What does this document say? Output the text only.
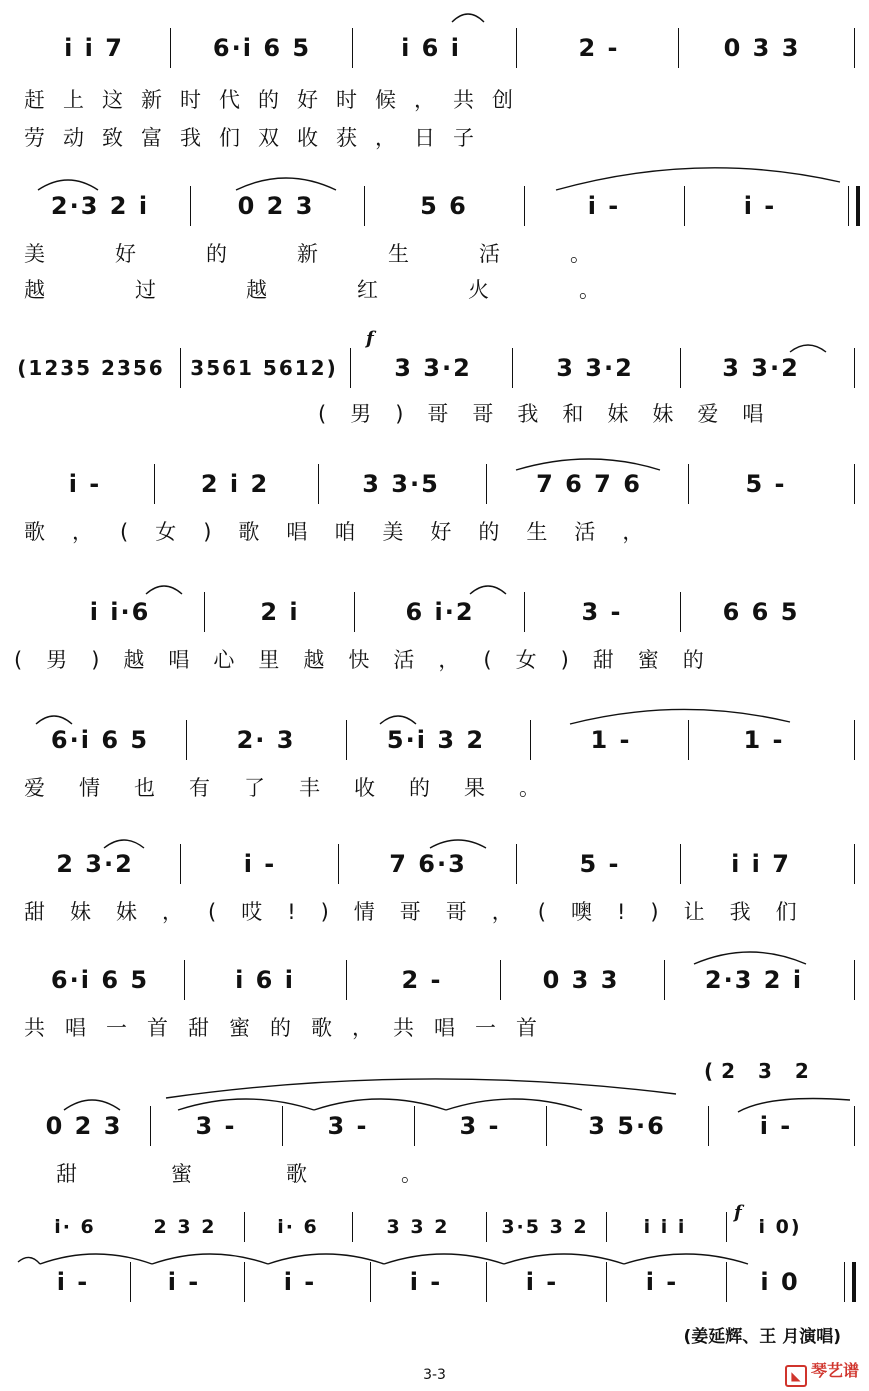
i i 7	6·i 6 5	i 6 i	2 -	0 3 3
赶上这新时代的好时候，共创
劳动致富我们双收获，日子
2·3 2 i	0 2 3	5 6	i -	i -
美好的新生活。
越过越红火。
(1235 2356	3561 5612)	3 3·2	3 3·2	3 3·2
f
(男)哥哥我和妹妹爱唱
i -	2 i 2	3 3·5	7 6 7 6	5 -
歌，(女)歌唱咱美好的生活，
i i·6	2 i	6 i·2	3 -	6 6 5
(男)越唱心里越快活，(女)甜蜜的
6·i 6 5	2· 3	5·i 3 2	1 -	1 -
爱情也有了丰收的果。
2 3·2	i -	7 6·3	5 -	i i 7
甜妹妹，(哎!)情哥哥，(噢!)让我们
6·i 6 5	i 6 i	2 -	0 3 3	2·3 2 i
共唱一首甜蜜的歌，共唱一首
(2 3 2
0 2 3	3 -	3 -	3 -	3 5·6	i -
甜蜜歌。
i· 6	2 3 2	i· 6	3 3 2	3·5 3 2	i i i	i 0)
f
i -	i -	i -	i -	i -	i -	i 0
(姜延辉、王 月演唱)
3-3	◣ 琴艺谱
